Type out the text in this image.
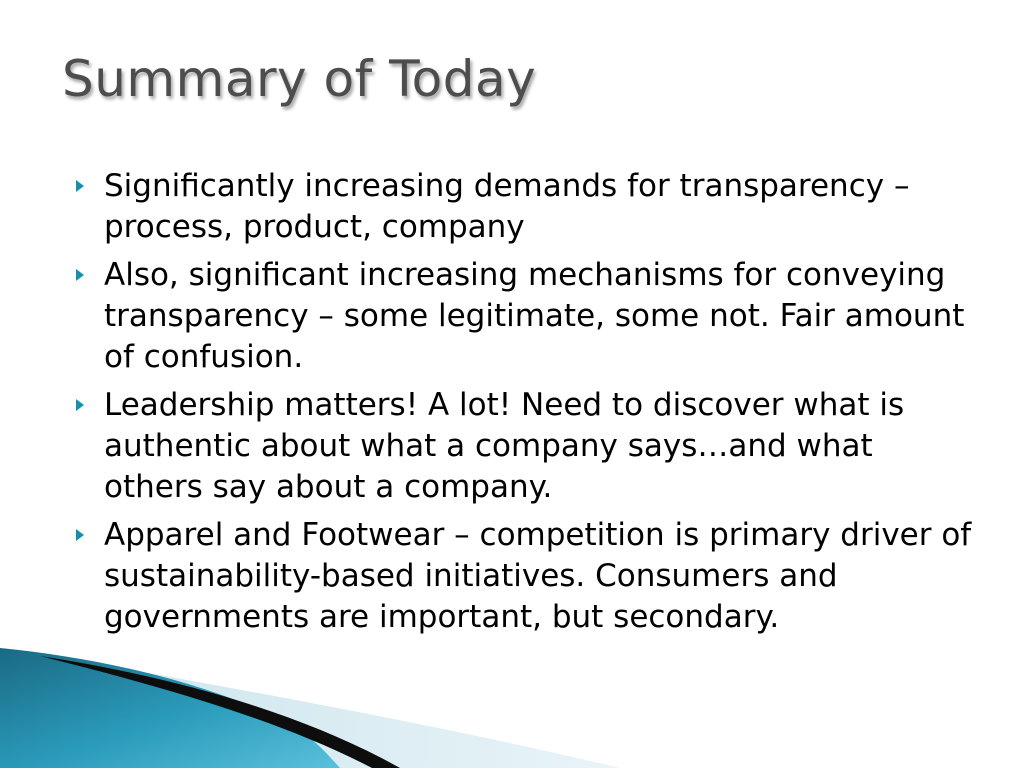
Summary of Today
Significantly increasing demands for transparency – process, product, company
Also, significant increasing mechanisms for conveying transparency – some legitimate, some not. Fair amount of confusion.
Leadership matters! A lot! Need to discover what is authentic about what a company says…and what others say about a company.
Apparel and Footwear – competition is primary driver of sustainability-based initiatives. Consumers and governments are important, but secondary.
